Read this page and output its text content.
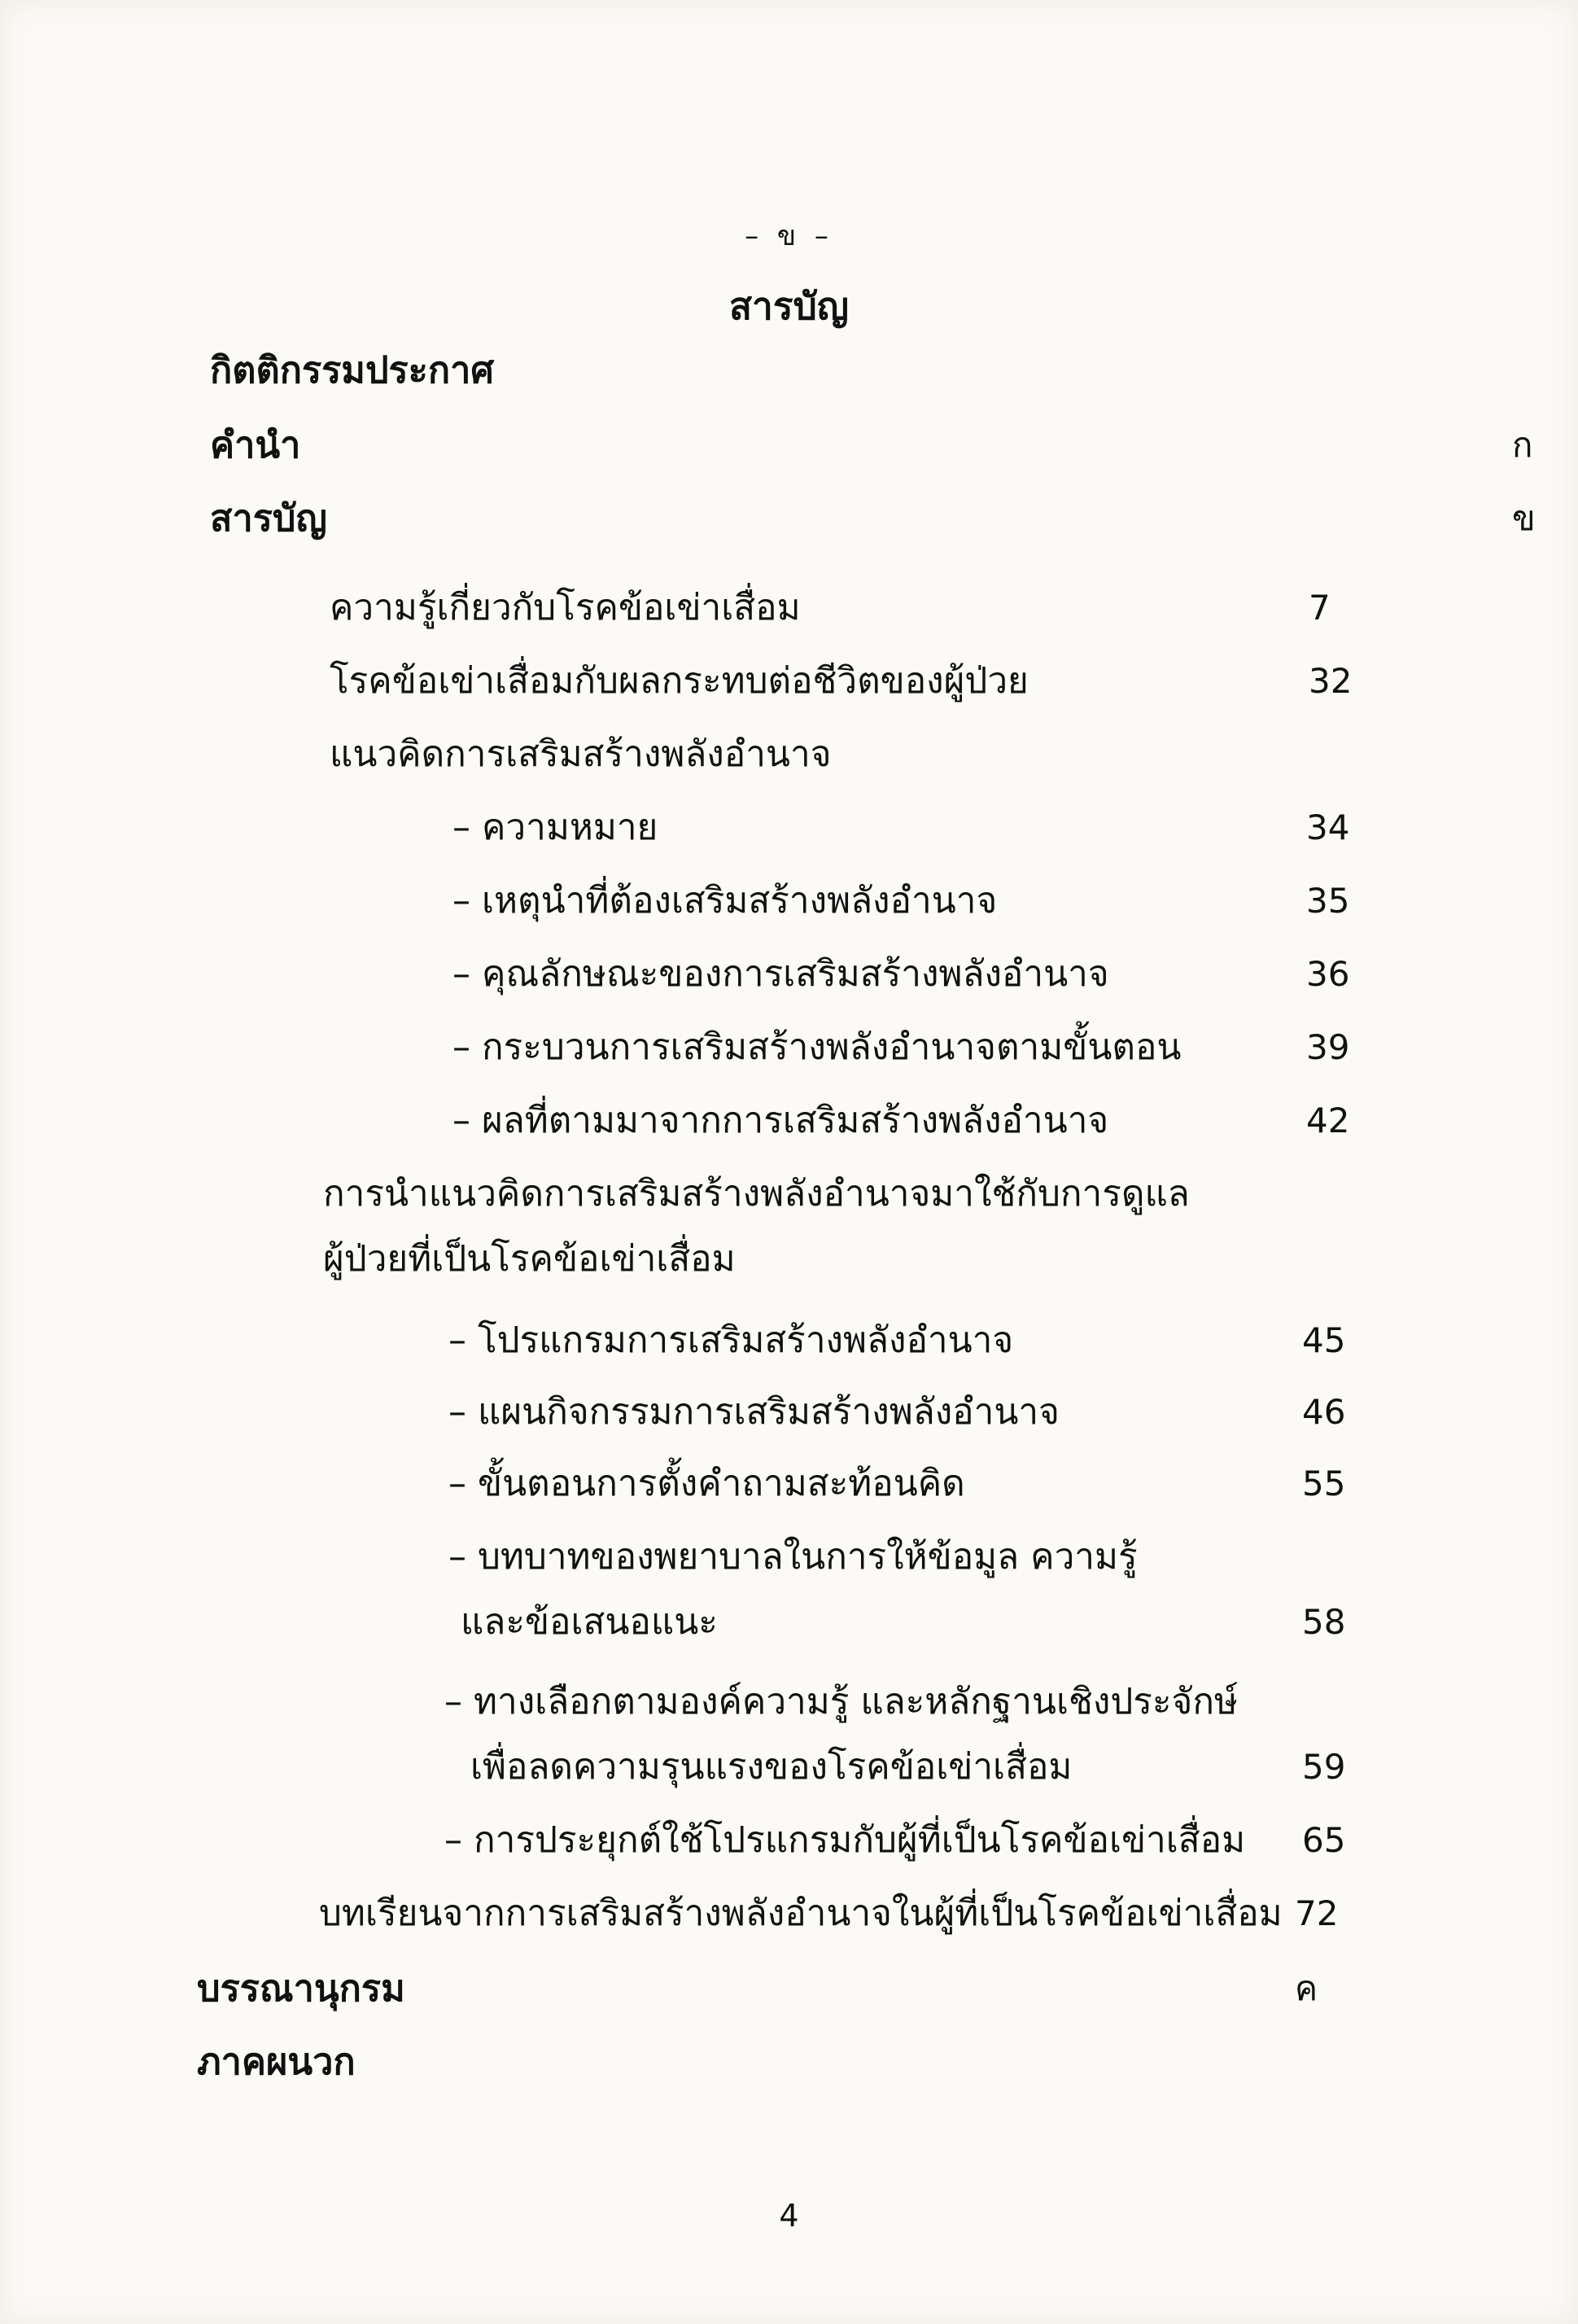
– ข –
สารบัญ
กิตติกรรมประกาศ
คำนำ	ก
สารบัญ	ข
ความรู้เกี่ยวกับโรคข้อเข่าเสื่อม	7
โรคข้อเข่าเสื่อมกับผลกระทบต่อชีวิตของผู้ป่วย	32
แนวคิดการเสริมสร้างพลังอำนาจ
– ความหมาย	34
– เหตุนำที่ต้องเสริมสร้างพลังอำนาจ	35
– คุณลักษณะของการเสริมสร้างพลังอำนาจ	36
– กระบวนการเสริมสร้างพลังอำนาจตามขั้นตอน	39
– ผลที่ตามมาจากการเสริมสร้างพลังอำนาจ	42
การนำแนวคิดการเสริมสร้างพลังอำนาจมาใช้กับการดูแล
ผู้ป่วยที่เป็นโรคข้อเข่าเสื่อม
– โปรแกรมการเสริมสร้างพลังอำนาจ	45
– แผนกิจกรรมการเสริมสร้างพลังอำนาจ	46
– ขั้นตอนการตั้งคำถามสะท้อนคิด	55
– บทบาทของพยาบาลในการให้ข้อมูล ความรู้
และข้อเสนอแนะ	58
– ทางเลือกตามองค์ความรู้ และหลักฐานเชิงประจักษ์
เพื่อลดความรุนแรงของโรคข้อเข่าเสื่อม	59
– การประยุกต์ใช้โปรแกรมกับผู้ที่เป็นโรคข้อเข่าเสื่อม 65
บทเรียนจากการเสริมสร้างพลังอำนาจในผู้ที่เป็นโรคข้อเข่าเสื่อม 72
บรรณานุกรม	ค
ภาคผนวก
4
